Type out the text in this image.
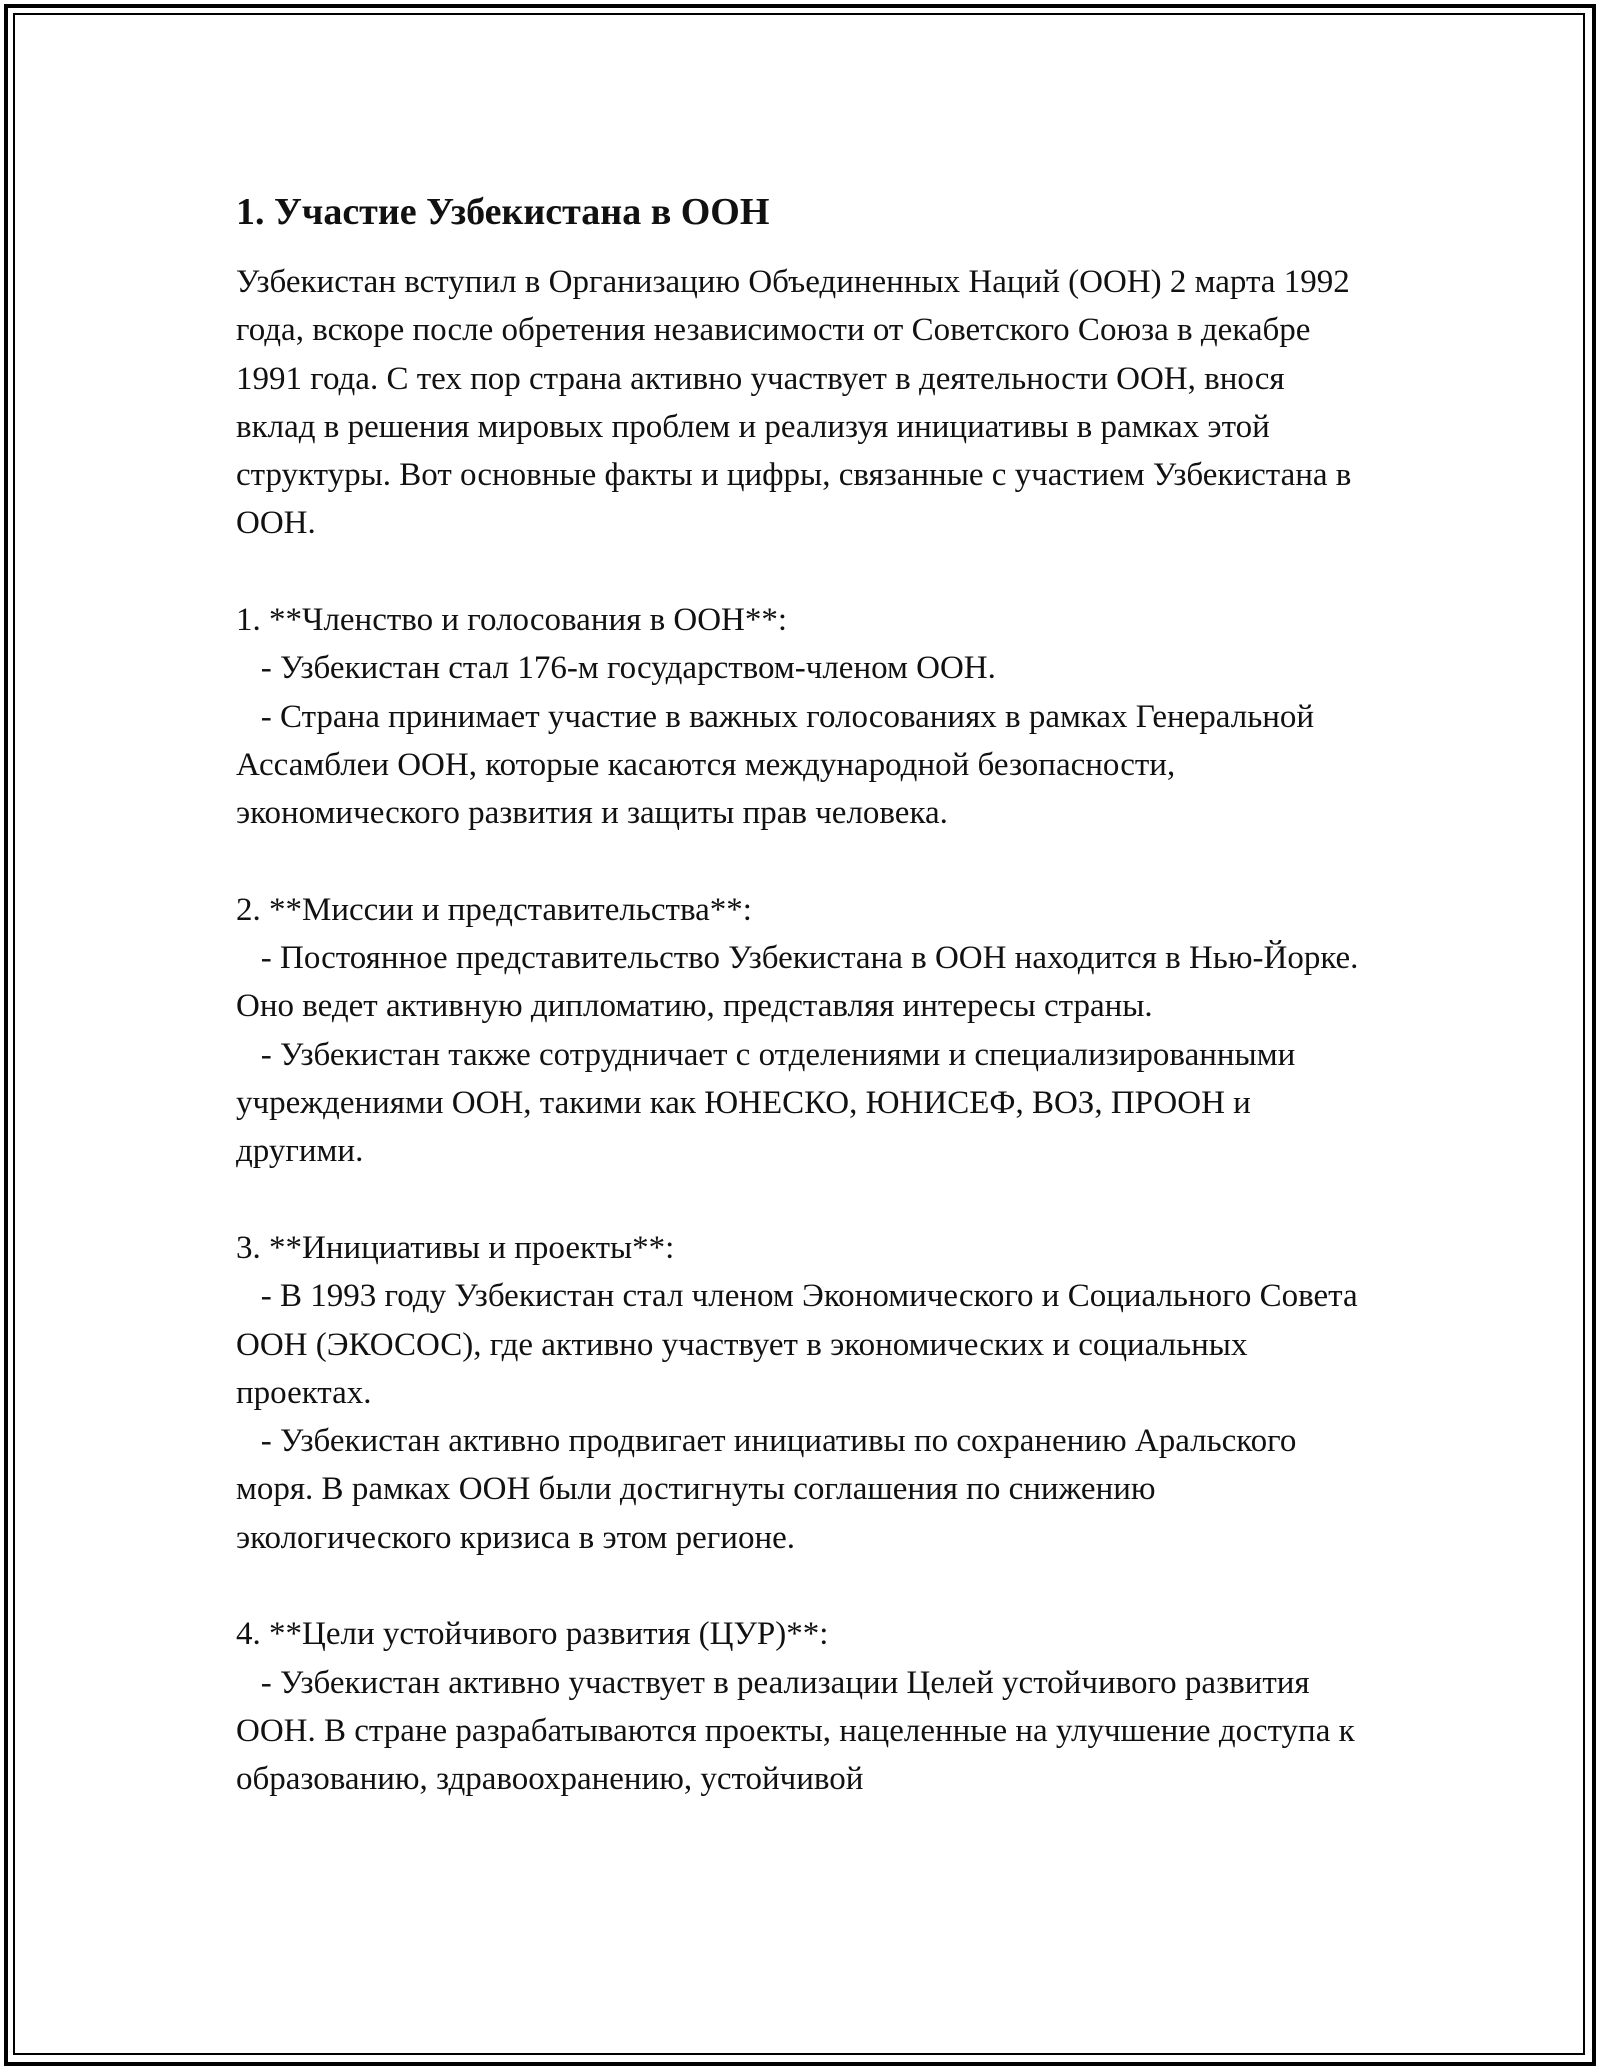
1. Участие Узбекистана в ООН

Узбекистан вступил в Организацию Объединенных Наций (ООН) 2 марта 1992 года, вскоре после обретения независимости от Советского Союза в декабре 1991 года. С тех пор страна активно участвует в деятельности ООН, внося вклад в решения мировых проблем и реализуя инициативы в рамках этой структуры. Вот основные факты и цифры, связанные с участием Узбекистана в ООН.

1. **Членство и голосования в ООН**:

- Узбекистан стал 176-м государством-членом ООН.

- Страна принимает участие в важных голосованиях в рамках Генеральной Ассамблеи ООН, которые касаются международной безопасности, экономического развития и защиты прав человека.

2. **Миссии и представительства**:

- Постоянное представительство Узбекистана в ООН находится в Нью-Йорке. Оно ведет активную дипломатию, представляя интересы страны.

- Узбекистан также сотрудничает с отделениями и специализированными учреждениями ООН, такими как ЮНЕСКО, ЮНИСЕФ, ВОЗ, ПРООН и другими.

3. **Инициативы и проекты**:

- В 1993 году Узбекистан стал членом Экономического и Социального Совета ООН (ЭКОСОС), где активно участвует в экономических и социальных проектах.

- Узбекистан активно продвигает инициативы по сохранению Аральского моря. В рамках ООН были достигнуты соглашения по снижению экологического кризиса в этом регионе.

4. **Цели устойчивого развития (ЦУР)**:

- Узбекистан активно участвует в реализации Целей устойчивого развития ООН. В стране разрабатываются проекты, нацеленные на улучшение доступа к образованию, здравоохранению, устойчивой
